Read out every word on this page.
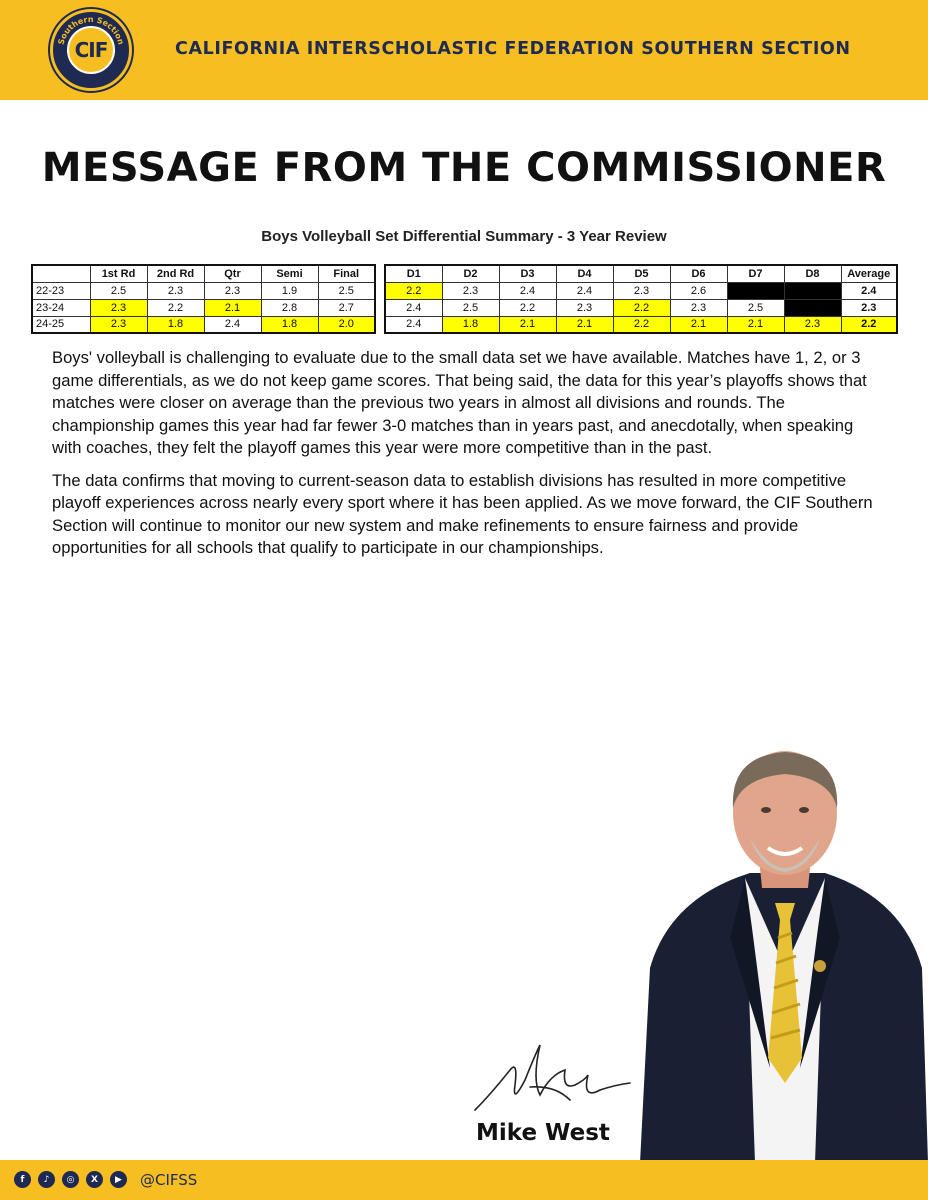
Southern Section
CIF	CALIFORNIA INTERSCHOLASTIC FEDERATION SOUTHERN SECTION
MESSAGE FROM THE COMMISSIONER
Boys Volleyball Set Differential Summary - 3 Year Review
	1st Rd	2nd Rd	Qtr	Semi	Final
22-23	2.5	2.3	2.3	1.9	2.5
23-24	2.3	2.2	2.1	2.8	2.7
24-25	2.3	1.8	2.4	1.8	2.0
D1	D2	D3	D4	D5	D6	D7	D8	Average
2.2	2.3	2.4	2.4	2.3	2.6			2.4
2.4	2.5	2.2	2.3	2.2	2.3	2.5		2.3
2.4	1.8	2.1	2.1	2.2	2.1	2.1	2.3	2.2

Boys' volleyball is challenging to evaluate due to the small data set we have available. Matches have 1, 2, or 3 game differentials, as we do not keep game scores. That being said, the data for this year’s playoffs shows that matches were closer on average than the previous two years in almost all divisions and rounds. The championship games this year had far fewer 3-0 matches than in years past, and anecdotally, when speaking with coaches, they felt the playoff games this year were more competitive than in the past.

The data confirms that moving to current-season data to establish divisions has resulted in more competitive playoff experiences across nearly every sport where it has been applied. As we move forward, the CIF Southern Section will continue to monitor our new system and make refinements to ensure fairness and provide opportunities for all schools that qualify to participate in our championships.

Mike West
f	♪	◎	X	▶	@CIFSS
